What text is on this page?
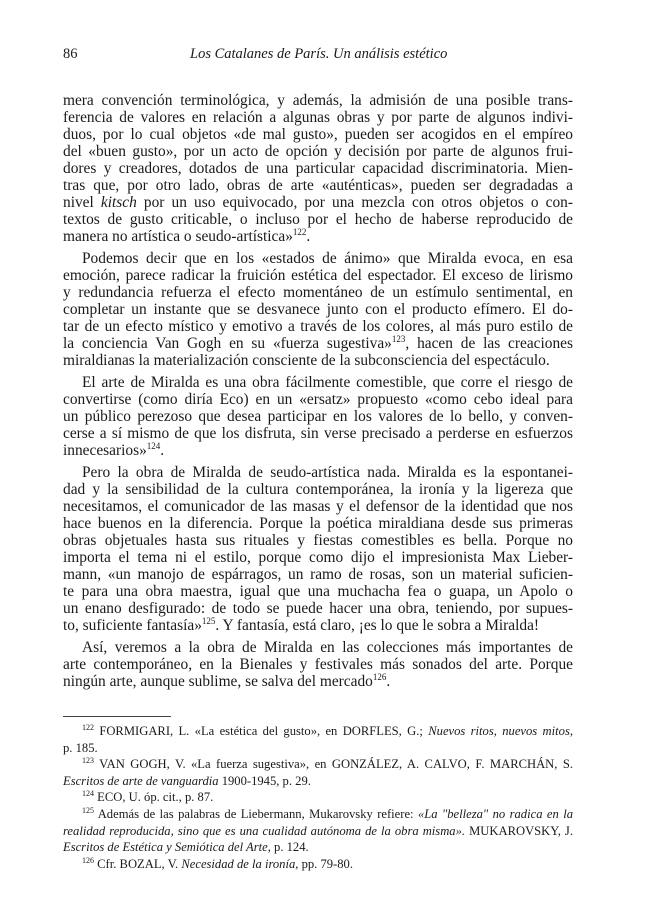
86	Los Catalanes de París. Un análisis estético
mera convención terminológica, y además, la admisión de una posible trans-
ferencia de valores en relación a algunas obras y por parte de algunos indivi-
duos, por lo cual objetos «de mal gusto», pueden ser acogidos en el empíreo
del «buen gusto», por un acto de opción y decisión por parte de algunos frui-
dores y creadores, dotados de una particular capacidad discriminatoria. Mien-
tras que, por otro lado, obras de arte «auténticas», pueden ser degradadas a
nivel kitsch por un uso equivocado, por una mezcla con otros objetos o con-
textos de gusto criticable, o incluso por el hecho de haberse reproducido de
manera no artística o seudo-artística»$^{122}$.
Podemos decir que en los «estados de ánimo» que Miralda evoca, en esa
emoción, parece radicar la fruición estética del espectador. El exceso de lirismo
y redundancia refuerza el efecto momentáneo de un estímulo sentimental, en
completar un instante que se desvanece junto con el producto efímero. El do-
tar de un efecto místico y emotivo a través de los colores, al más puro estilo de
la conciencia Van Gogh en su «fuerza sugestiva»$^{123}$, hacen de las creaciones
miraldianas la materialización consciente de la subconsciencia del espectáculo.
El arte de Miralda es una obra fácilmente comestible, que corre el riesgo de
convertirse (como diría Eco) en un «ersatz» propuesto «como cebo ideal para
un público perezoso que desea participar en los valores de lo bello, y conven-
cerse a sí mismo de que los disfruta, sin verse precisado a perderse en esfuerzos
innecesarios»$^{124}$.
Pero la obra de Miralda de seudo-artística nada. Miralda es la espontanei-
dad y la sensibilidad de la cultura contemporánea, la ironía y la ligereza que
necesitamos, el comunicador de las masas y el defensor de la identidad que nos
hace buenos en la diferencia. Porque la poética miraldiana desde sus primeras
obras objetuales hasta sus rituales y fiestas comestibles es bella. Porque no
importa el tema ni el estilo, porque como dijo el impresionista Max Lieber-
mann, «un manojo de espárragos, un ramo de rosas, son un material suficien-
te para una obra maestra, igual que una muchacha fea o guapa, un Apolo o
un enano desfigurado: de todo se puede hacer una obra, teniendo, por supues-
to, suficiente fantasía»$^{125}$. Y fantasía, está claro, ¡es lo que le sobra a Miralda!
Así, veremos a la obra de Miralda en las colecciones más importantes de
arte contemporáneo, en la Bienales y festivales más sonados del arte. Porque
ningún arte, aunque sublime, se salva del mercado$^{126}$.
$^{122}$ FORMIGARI, L. «La estética del gusto», en DORFLES, G.; Nuevos ritos, nuevos mitos,
p. 185.
$^{123}$ VAN GOGH, V. «La fuerza sugestiva», en GONZÁLEZ, A. CALVO, F. MARCHÁN, S.
Escritos de arte de vanguardia 1900-1945, p. 29.
$^{124}$ ECO, U. óp. cit., p. 87.
$^{125}$ Además de las palabras de Liebermann, Mukarovsky refiere: «La "belleza" no radica en la
realidad reproducida, sino que es una cualidad autónoma de la obra misma». MUKAROVSKY, J.
Escritos de Estética y Semiótica del Arte, p. 124.
$^{126}$ Cfr. BOZAL, V. Necesidad de la ironía, pp. 79-80.
